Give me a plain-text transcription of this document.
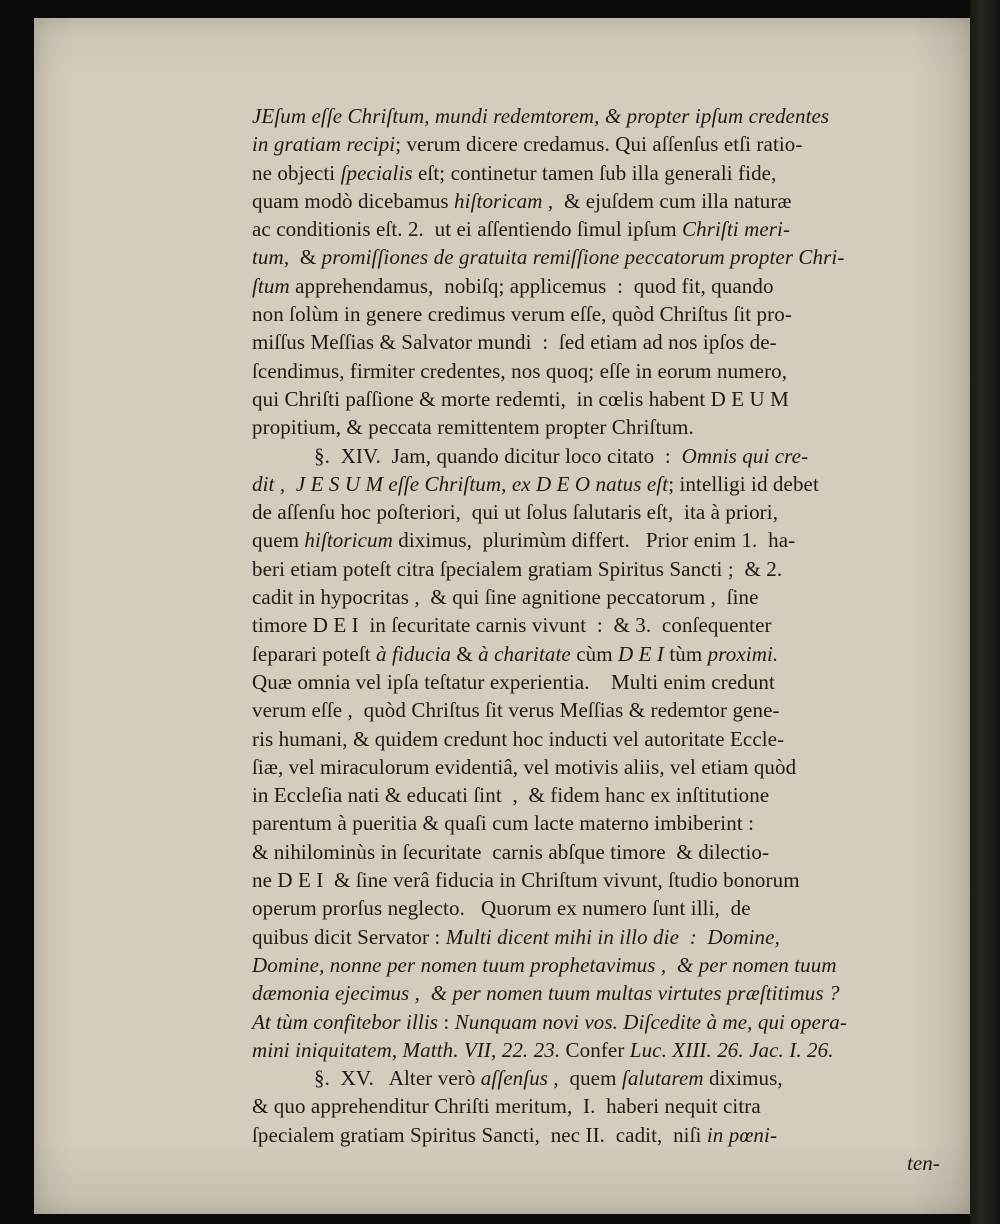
JEſum eſſe Chriſtum, mundi redemtorem, & propter ipſum credentes
in gratiam recipi; verum dicere credamus. Qui aſſenſus etſi ratio-
ne objecti ſpecialis eſt; continetur tamen ſub illa generali fide,
quam modò dicebamus hiſtoricam ,  & ejuſdem cum illa naturæ
ac conditionis eſt. 2.  ut ei aſſentiendo ſimul ipſum Chriſti meri-
tum,  & promiſſiones de gratuita remiſſione peccatorum propter Chri-
ſtum apprehendamus,  nobiſq; applicemus  :  quod fit, quando
non ſolùm in genere credimus verum eſſe, quòd Chriſtus ſit pro-
miſſus Meſſias & Salvator mundi  :  ſed etiam ad nos ipſos de-
ſcendimus, firmiter credentes, nos quoq; eſſe in eorum numero,
qui Chriſti paſſione & morte redemti,  in cœlis habent D E U M
propitium, & peccata remittentem propter Chriſtum.
§.  XIV.  Jam, quando dicitur loco citato  :  Omnis qui cre-
dit ,  J E S U M eſſe Chriſtum, ex D E O natus eſt; intelligi id debet
de aſſenſu hoc poſteriori,  qui ut ſolus ſalutaris eſt,  ita à priori,
quem hiſtoricum diximus,  plurimùm differt.   Prior enim 1.  ha-
beri etiam poteſt citra ſpecialem gratiam Spiritus Sancti ;  & 2.
cadit in hypocritas ,  & qui ſine agnitione peccatorum ,  ſine
timore D E I  in ſecuritate carnis vivunt  :  & 3.  conſequenter
ſeparari poteſt à fiducia & à charitate cùm D E I tùm proximi.
Quæ omnia vel ipſa teſtatur experientia.    Multi enim credunt
verum eſſe ,  quòd Chriſtus ſit verus Meſſias & redemtor gene-
ris humani, & quidem credunt hoc inducti vel autoritate Eccle-
ſiæ, vel miraculorum evidentiâ, vel motivis aliis, vel etiam quòd
in Eccleſia nati & educati ſint  ,  & fidem hanc ex inſtitutione
parentum à pueritia & quaſi cum lacte materno imbiberint :
& nihilominùs in ſecuritate  carnis abſque timore  & dilectio-
ne D E I  & ſine verâ fiducia in Chriſtum vivunt, ſtudio bonorum
operum prorſus neglecto.   Quorum ex numero ſunt illi,  de
quibus dicit Servator : Multi dicent mihi in illo die  :  Domine,
Domine, nonne per nomen tuum prophetavimus ,  & per nomen tuum
dæmonia ejecimus ,  & per nomen tuum multas virtutes præſtitimus ?
At tùm confitebor illis : Nunquam novi vos. Diſcedite à me, qui opera-
mini iniquitatem, Matth. VII, 22. 23. Confer Luc. XIII. 26. Jac. I. 26.
§.  XV.   Alter verò aſſenſus ,  quem ſalutarem diximus,
& quo apprehenditur Chriſti meritum,  I.  haberi nequit citra
ſpecialem gratiam Spiritus Sancti,  nec II.  cadit,  niſi in pœni-
ten-
